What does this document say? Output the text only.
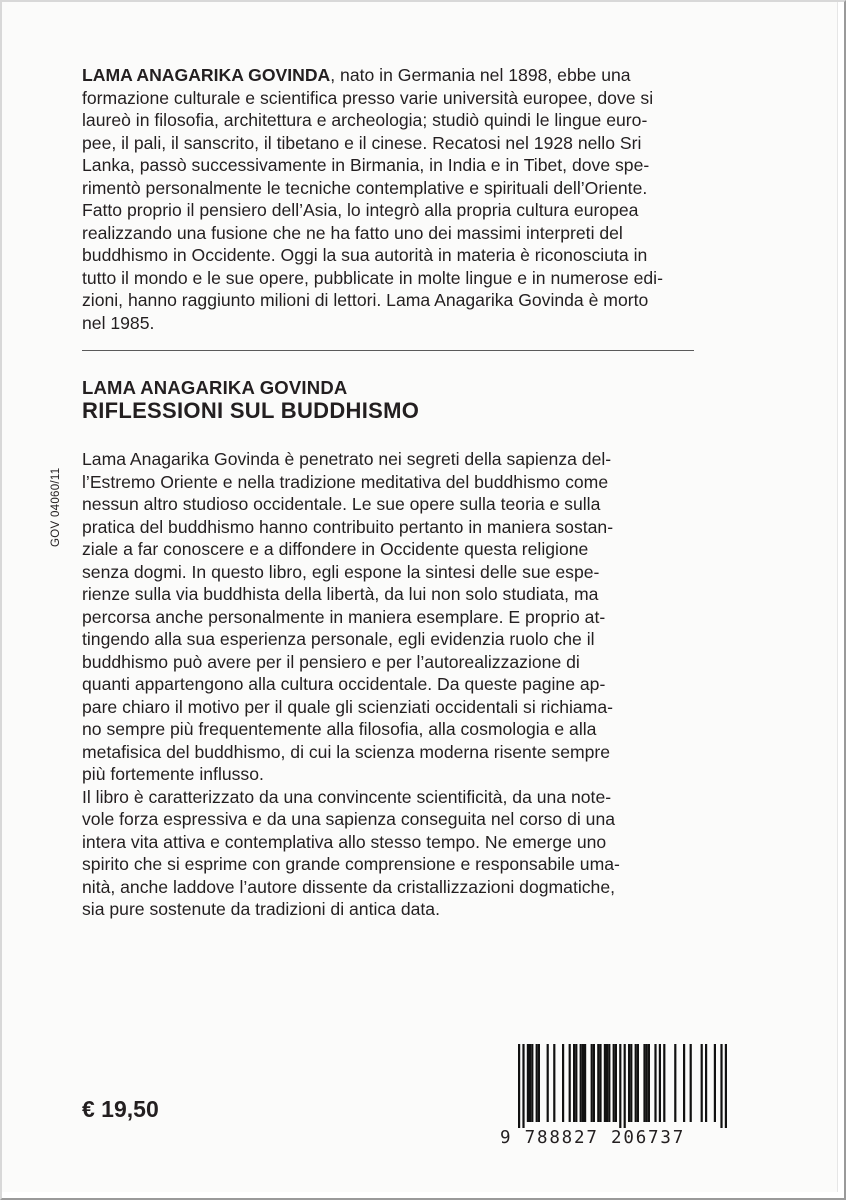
LAMA ANAGARIKA GOVINDA, nato in Germania nel 1898, ebbe una
formazione culturale e scientifica presso varie università europee, dove si
laureò in filosofia, architettura e archeologia; studiò quindi le lingue euro-
pee, il pali, il sanscrito, il tibetano e il cinese. Recatosi nel 1928 nello Sri
Lanka, passò successivamente in Birmania, in India e in Tibet, dove spe-
rimentò personalmente le tecniche contemplative e spirituali dell’Oriente.
Fatto proprio il pensiero dell’Asia, lo integrò alla propria cultura europea
realizzando una fusione che ne ha fatto uno dei massimi interpreti del
buddhismo in Occidente. Oggi la sua autorità in materia è riconosciuta in
tutto il mondo e le sue opere, pubblicate in molte lingue e in numerose edi-
zioni, hanno raggiunto milioni di lettori. Lama Anagarika Govinda è morto
nel 1985.

LAMA ANAGARIKA GOVINDA
RIFLESSIONI SUL BUDDHISMO

Lama Anagarika Govinda è penetrato nei segreti della sapienza del-
l’Estremo Oriente e nella tradizione meditativa del buddhismo come
nessun altro studioso occidentale. Le sue opere sulla teoria e sulla
pratica del buddhismo hanno contribuito pertanto in maniera sostan-
ziale a far conoscere e a diffondere in Occidente questa religione
senza dogmi. In questo libro, egli espone la sintesi delle sue espe-
rienze sulla via buddhista della libertà, da lui non solo studiata, ma
percorsa anche personalmente in maniera esemplare. E proprio at-
tingendo alla sua esperienza personale, egli evidenzia ruolo che il
buddhismo può avere per il pensiero e per l’autorealizzazione di
quanti appartengono alla cultura occidentale. Da queste pagine ap-
pare chiaro il motivo per il quale gli scienziati occidentali si richiama-
no sempre più frequentemente alla filosofia, alla cosmologia e alla
metafisica del buddhismo, di cui la scienza moderna risente sempre
più fortemente influsso.
Il libro è caratterizzato da una convincente scientificità, da una note-
vole forza espressiva e da una sapienza conseguita nel corso di una
intera vita attiva e contemplativa allo stesso tempo. Ne emerge uno
spirito che si esprime con grande comprensione e responsabile uma-
nità, anche laddove l’autore dissente da cristallizzazioni dogmatiche,
sia pure sostenute da tradizioni di antica data.

GOV 04060/11

€ 19,50

9 788827 206737
